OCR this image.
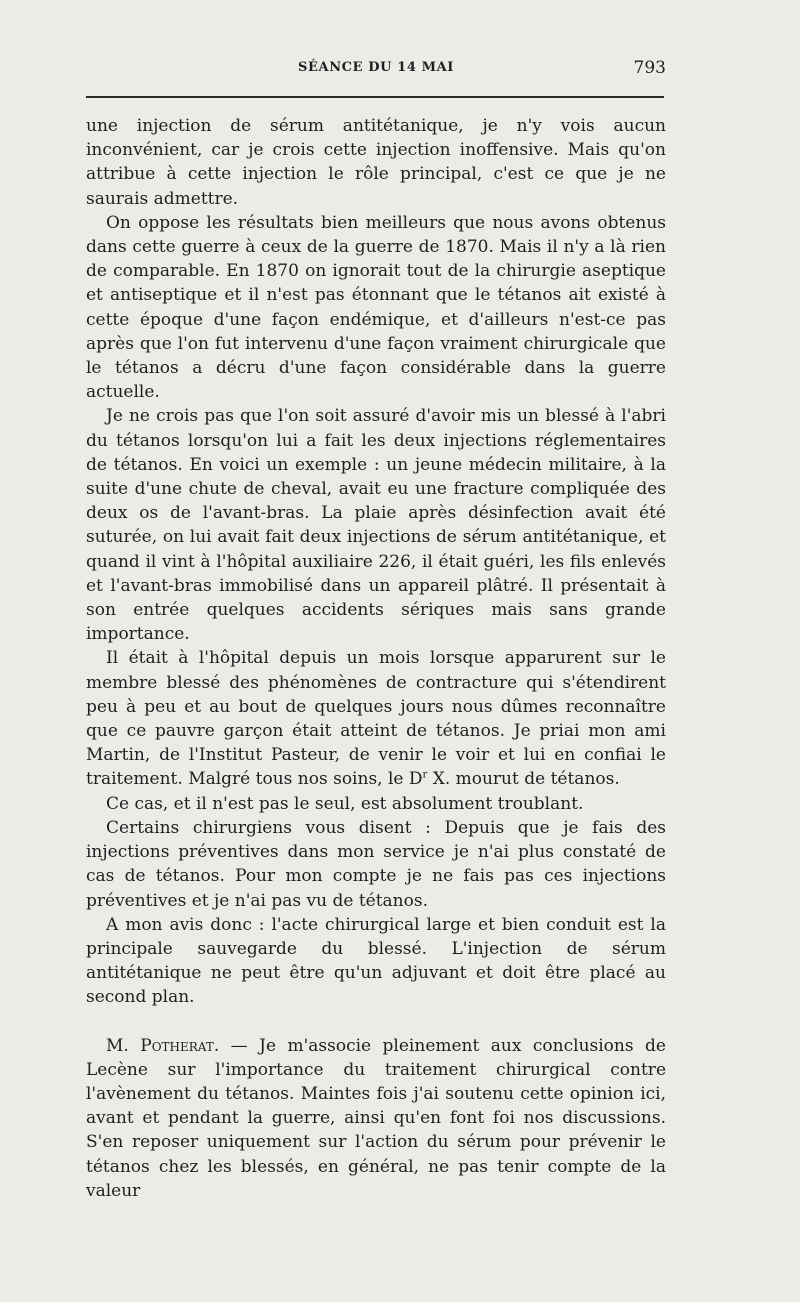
SÉANCE DU 14 MAI	793

une injection de sérum antitétanique, je n'y vois aucun inconvénient, car je crois cette injection inoffensive. Mais qu'on attribue à cette injection le rôle principal, c'est ce que je ne saurais admettre.

On oppose les résultats bien meilleurs que nous avons obtenus dans cette guerre à ceux de la guerre de 1870. Mais il n'y a là rien de comparable. En 1870 on ignorait tout de la chirurgie aseptique et antiseptique et il n'est pas étonnant que le tétanos ait existé à cette époque d'une façon endémique, et d'ailleurs n'est-ce pas après que l'on fut intervenu d'une façon vraiment chirurgicale que le tétanos a décru d'une façon considérable dans la guerre actuelle.

Je ne crois pas que l'on soit assuré d'avoir mis un blessé à l'abri du tétanos lorsqu'on lui a fait les deux injections réglementaires de tétanos. En voici un exemple : un jeune médecin militaire, à la suite d'une chute de cheval, avait eu une fracture compliquée des deux os de l'avant-bras. La plaie après désinfection avait été suturée, on lui avait fait deux injections de sérum antitétanique, et quand il vint à l'hôpital auxiliaire 226, il était guéri, les fils enlevés et l'avant-bras immobilisé dans un appareil plâtré. Il présentait à son entrée quelques accidents sériques mais sans grande importance.

Il était à l'hôpital depuis un mois lorsque apparurent sur le membre blessé des phénomènes de contracture qui s'étendirent peu à peu et au bout de quelques jours nous dûmes reconnaître que ce pauvre garçon était atteint de tétanos. Je priai mon ami Martin, de l'Institut Pasteur, de venir le voir et lui en confiai le traitement. Malgré tous nos soins, le $D^r$ X. mourut de tétanos.

Ce cas, et il n'est pas le seul, est absolument troublant.

Certains chirurgiens vous disent : Depuis que je fais des injections préventives dans mon service je n'ai plus constaté de cas de tétanos. Pour mon compte je ne fais pas ces injections préventives et je n'ai pas vu de tétanos.

A mon avis donc : l'acte chirurgical large et bien conduit est la principale sauvegarde du blessé. L'injection de sérum antitétanique ne peut être qu'un adjuvant et doit être placé au second plan.

M. Potherat. — Je m'associe pleinement aux conclusions de Lecène sur l'importance du traitement chirurgical contre l'avènement du tétanos. Maintes fois j'ai soutenu cette opinion ici, avant et pendant la guerre, ainsi qu'en font foi nos discussions. S'en reposer uniquement sur l'action du sérum pour prévenir le tétanos chez les blessés, en général, ne pas tenir compte de la valeur
